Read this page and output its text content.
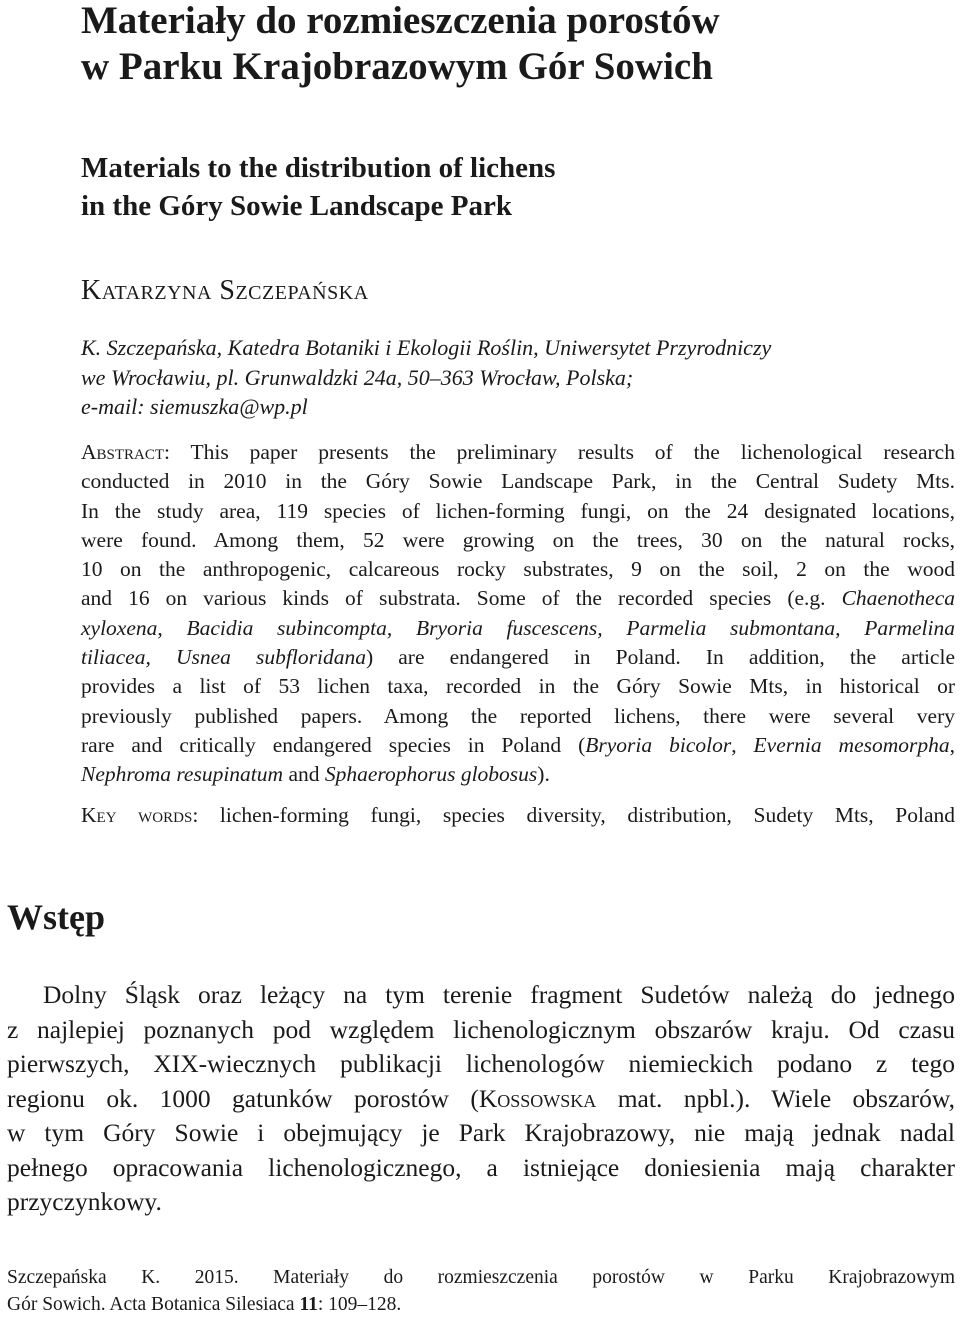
Materiały do rozmieszczenia porostów
w Parku Krajobrazowym Gór Sowich
Materials to the distribution of lichens
in the Góry Sowie Landscape Park
Katarzyna Szczepańska
K. Szczepańska, Katedra Botaniki i Ekologii Roślin, Uniwersytet Przyrodniczy
we Wrocławiu, pl. Grunwaldzki 24a, 50–363 Wrocław, Polska;
e-mail: siemuszka@wp.pl
Abstract: This paper presents the preliminary results of the lichenological research
conducted in 2010 in the Góry Sowie Landscape Park, in the Central Sudety Mts.
In the study area, 119 species of lichen-forming fungi, on the 24 designated locations,
were found. Among them, 52 were growing on the trees, 30 on the natural rocks,
10 on the anthropogenic, calcareous rocky substrates, 9 on the soil, 2 on the wood
and 16 on various kinds of substrata. Some of the recorded species (e.g. Chaenotheca
xyloxena, Bacidia subincompta, Bryoria fuscescens, Parmelia submontana, Parmelina
tiliacea, Usnea subfloridana) are endangered in Poland. In addition, the article
provides a list of 53 lichen taxa, recorded in the Góry Sowie Mts, in historical or
previously published papers. Among the reported lichens, there were several very
rare and critically endangered species in Poland (Bryoria bicolor, Evernia mesomorpha,
Nephroma resupinatum and Sphaerophorus globosus).
Key words: lichen-forming fungi, species diversity, distribution, Sudety Mts, Poland
Wstęp
Dolny Śląsk oraz leżący na tym terenie fragment Sudetów należą do jednego
z najlepiej poznanych pod względem lichenologicznym obszarów kraju. Od czasu
pierwszych, XIX-wiecznych publikacji lichenologów niemieckich podano z tego
regionu ok. 1000 gatunków porostów (Kossowska mat. npbl.). Wiele obszarów,
w tym Góry Sowie i obejmujący je Park Krajobrazowy, nie mają jednak nadal
pełnego opracowania lichenologicznego, a istniejące doniesienia mają charakter
przyczynkowy.
Szczepańska K. 2015. Materiały do rozmieszczenia porostów w Parku Krajobrazowym
Gór Sowich. Acta Botanica Silesiaca 11: 109–128.
